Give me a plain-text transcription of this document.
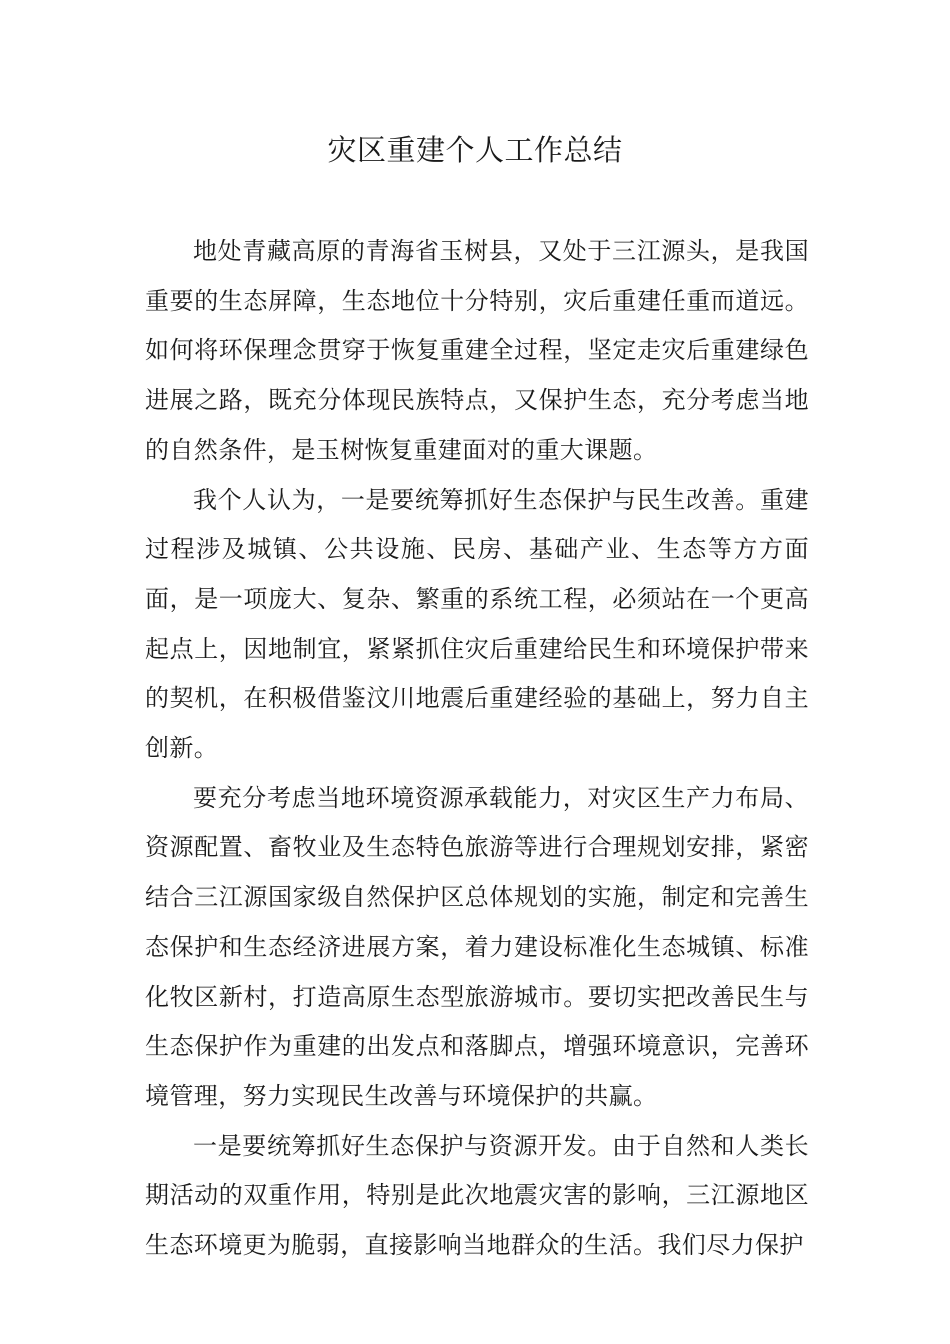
灾区重建个人工作总结

地处青藏高原的青海省玉树县，又处于三江源头，是我国重要的生态屏障，生态地位十分特别，灾后重建任重而道远。如何将环保理念贯穿于恢复重建全过程，坚定走灾后重建绿色进展之路，既充分体现民族特点，又保护生态，充分考虑当地的自然条件，是玉树恢复重建面对的重大课题。

我个人认为，一是要统筹抓好生态保护与民生改善。重建过程涉及城镇、公共设施、民房、基础产业、生态等方方面面，是一项庞大、复杂、繁重的系统工程，必须站在一个更高起点上，因地制宜，紧紧抓住灾后重建给民生和环境保护带来的契机，在积极借鉴汶川地震后重建经验的基础上，努力自主创新。

要充分考虑当地环境资源承载能力，对灾区生产力布局、资源配置、畜牧业及生态特色旅游等进行合理规划安排，紧密结合三江源国家级自然保护区总体规划的实施，制定和完善生态保护和生态经济进展方案，着力建设标准化生态城镇、标准化牧区新村，打造高原生态型旅游城市。要切实把改善民生与生态保护作为重建的出发点和落脚点，增强环境意识，完善环境管理，努力实现民生改善与环境保护的共赢。

一是要统筹抓好生态保护与资源开发。由于自然和人类长期活动的双重作用，特别是此次地震灾害的影响，三江源地区生态环境更为脆弱，直接影响当地群众的生活。我们尽力保护
